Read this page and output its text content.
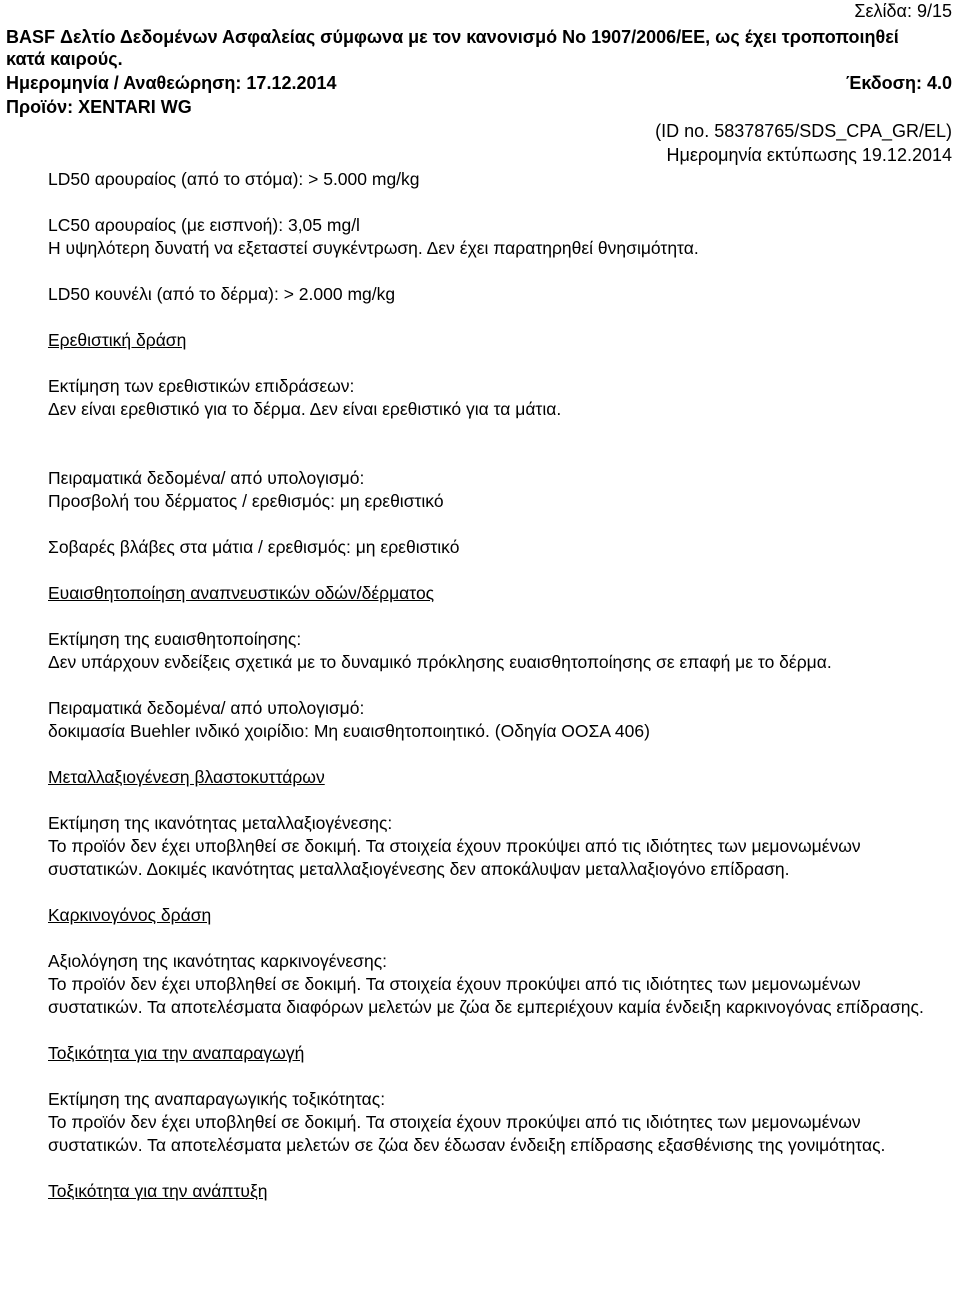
Σελίδα: 9/15
BASF Δελτίο Δεδομένων Ασφαλείας σύμφωνα με τον κανονισμό No 1907/2006/ΕΕ, ως έχει τροποποιηθεί
κατά καιρούς.
Ημερομηνία / Αναθεώρηση: 17.12.2014	Έκδοση: 4.0
Προϊόν: XENTARI WG
(ID no. 58378765/SDS_CPA_GR/EL)
Ημερομηνία εκτύπωσης 19.12.2014

LD50 αρουραίος (από το στόμα): > 5.000 mg/kg

LC50 αρουραίος (με εισπνοή): 3,05 mg/l

Η υψηλότερη δυνατή να εξεταστεί συγκέντρωση. Δεν έχει παρατηρηθεί θνησιμότητα.

LD50 κουνέλι (από το δέρμα): > 2.000 mg/kg

Ερεθιστική δράση

Εκτίμηση των ερεθιστικών επιδράσεων:

Δεν είναι ερεθιστικό για το δέρμα. Δεν είναι ερεθιστικό για τα μάτια.

Πειραματικά δεδομένα/ από υπολογισμό:

Προσβολή του δέρματος / ερεθισμός: μη ερεθιστικό

Σοβαρές βλάβες στα μάτια / ερεθισμός: μη ερεθιστικό

Ευαισθητοποίηση αναπνευστικών οδών/δέρματος

Εκτίμηση της ευαισθητοποίησης:

Δεν υπάρχουν ενδείξεις σχετικά με το δυναμικό πρόκλησης ευαισθητοποίησης σε επαφή με το δέρμα.

Πειραματικά δεδομένα/ από υπολογισμό:

δοκιμασία Buehler ινδικό χοιρίδιο: Μη ευαισθητοποιητικό. (Οδηγία ΟΟΣΑ 406)

Μεταλλαξιογένεση βλαστοκυττάρων

Εκτίμηση της ικανότητας μεταλλαξιογένεσης:

Το προϊόν δεν έχει υποβληθεί σε δοκιμή. Τα στοιχεία έχουν προκύψει από τις ιδιότητες των μεμονωμένων συστατικών. Δοκιμές ικανότητας μεταλλαξιογένεσης δεν αποκάλυψαν μεταλλαξιογόνο επίδραση.

Καρκινογόνος δράση

Αξιολόγηση της ικανότητας καρκινογένεσης:

Το προϊόν δεν έχει υποβληθεί σε δοκιμή. Τα στοιχεία έχουν προκύψει από τις ιδιότητες των μεμονωμένων συστατικών. Τα αποτελέσματα διαφόρων μελετών με ζώα δε εμπεριέχουν καμία ένδειξη καρκινογόνας επίδρασης.

Τοξικότητα για την αναπαραγωγή

Εκτίμηση της αναπαραγωγικής τοξικότητας:

Το προϊόν δεν έχει υποβληθεί σε δοκιμή. Τα στοιχεία έχουν προκύψει από τις ιδιότητες των μεμονωμένων συστατικών. Τα αποτελέσματα μελετών σε ζώα δεν έδωσαν ένδειξη επίδρασης εξασθένισης της γονιμότητας.

Τοξικότητα για την ανάπτυξη
